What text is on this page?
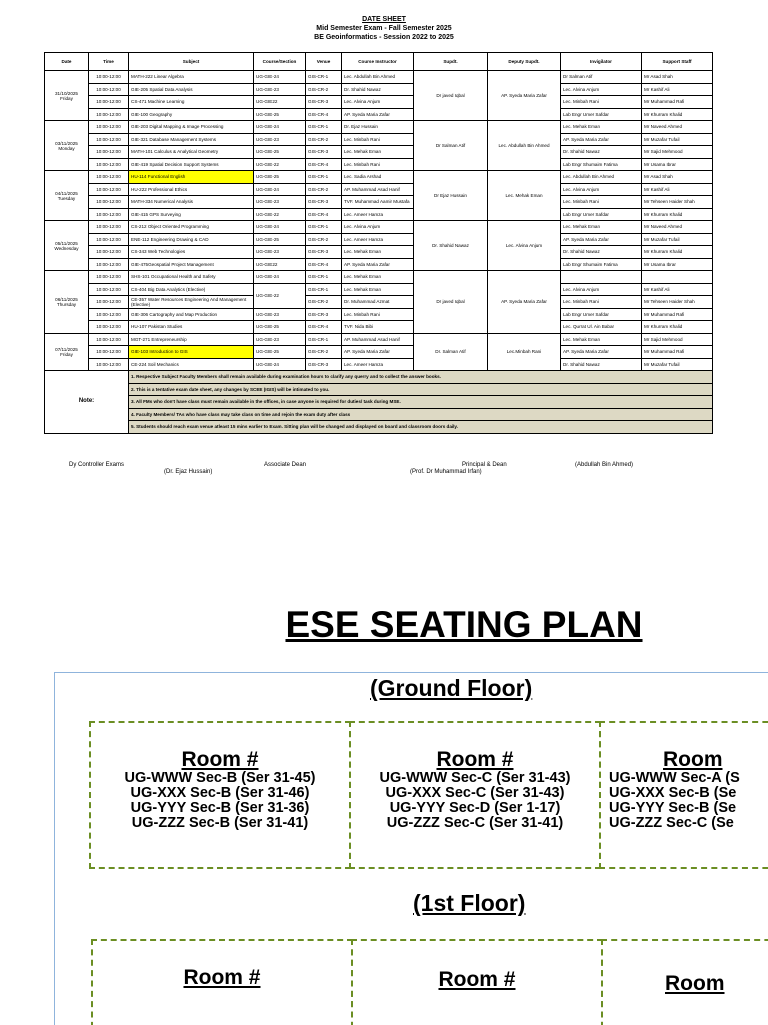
DATE SHEET
Mid Semester Exam - Fall Semester 2025
BE Geoinformatics - Session 2022 to 2025
Date	Time	Subject	Course/Section	Venue	Course Instructor	Supdt.	Deputy Supdt.	Invigilator	Support Staff
31/10/2025
Friday	10:00-12:00	MATH-222 Linear Algebra	UG-GIE-24	GIS-CR-1	Lec. Abdullah Bin Ahmed	Dr javed Iqbal	AP. Syeda Maria Zafar	Dr Salman Atif	Mr Asad Shah
	10:00-12:00	GIE-205 Spatial Data Analysis	UG-GIE-23	GIS-CR-2	Dr. Shahid Nawaz			Lec. Alvina Anjum	Mr Kashif Ali
	10:00-12:00	CS-471 Machine Learning	UG-GIE22	GIS-CR-3	Lec. Alvina Anjum			Lec. Minbah Rani	Mr Muhammad Rafi
	10:00-12:00	GIE-100 Geography	UG-GIE-25	GIS-CR-4	AP. Syeda Maria Zafar			Lab Engr Umer Safdar	Mr Khurram Khalid
03/11/2025
Monday	10:00-12:00	GIE-203 Digital Mapping & Image Processing	UG-GIE-24	GIS-CR-1	Dr. Ejaz Hussain	Dr Salman Atif	Lec. Abdullah Bin Ahmed	Lec. Mehak Eman	Mr Naveed Ahmed
	10:00-12:00	GIE-321 Database Management Systems	UG-GIE-23	GIS-CR-2	Lec. Minbah Rani			AP. Syeda Maria Zafar	Mr Muzafar Tufail
	10:00-12:00	MATH-101 Calculus & Analytical Geometry	UG-GIE-25	GIS-CR-3	Lec. Mehak Eman			Dr. Shahid Nawaz	Mr Sajid Mehmood
	10:00-12:00	GIE-419 Spatial Decision Support Systems	UG-GIE-22	GIS-CR-4	Lec. Minbah Rani			Lab Engr Shumaim Fatima	Mr Usama Ibrar
04/11/2025
Tuesday	10:00-12:00	HU-114 Functional English	UG-GIE-25	GIS-CR-1	Lec. Sadia Arshad	Dr Ejaz Hussain	Lec. Mehak Eman	Lec. Abdullah Bin Ahmed	Mr Asad Shah
	10:00-12:00	HU-222 Professional Ethics	UG-GIE-24	GIS-CR-2	AP. Muhammad Asad Hanif			Lec. Alvina Anjum	Mr Kashif Ali
	10:00-12:00	MATH-334 Numerical Analysis	UG-GIE-23	GIS-CR-3	TVF. Muhammad Aamir Mustafa			Lec. Minbah Rani	Mr Tehseen Haider Shah
	10:00-12:00	GIE-415 GPS Surveying	UG-GIE-22	GIS-CR-4	Lec. Ameer Hamza			Lab Engr Umer Safdar	Mr Khurram Khalid
05/11/2025
Wednesday	10:00-12:00	CS-212 Object Oriented Programming	UG-GIE-24	GIS-CR-1	Lec. Alvina Anjum	Dr. Shahid Nawaz	Lec. Alvina Anjum	Lec. Mehak Eman	Mr Naveed Ahmed
	10:00-12:00	ENE-112 Engineering Drawing & CAD	UG-GIE-25	GIS-CR-2	Lec. Ameer Hamza			AP. Syeda Maria Zafar	Mr Muzafar Tufail
	10:00-12:00	CS-343 Web Technologies	UG-GIE-23	GIS-CR-3	Lec. Mehak Eman			Dr. Shahid Nawaz	Mr Khurram Khalid
	10:00-12:00	GIE-475Geospatial Project Management	UG-GIE22	GIS-CR-4	AP. Syeda Maria Zafar			Lab Engr Shumaim Fatima	Mr Usama Ibrar
06/11/2025
Thursday	10:00-12:00	SHS-101 Occupational Health and Safety	UG-GIE-24	GIS-CR-1	Lec. Mehak Eman	Dr javed Iqbal	AP. Syeda Maria Zafar		
	10:00-12:00	CS-404 Big Data Analytics (Elective)	UG-GIE-22	GIS-CR-1	Lec. Mehak Eman			Lec. Alvina Anjum	Mr Kashif Ali
	10:00-12:00	CE-357 Water Resources Engineering And Management (Elective)		GIS-CR-2	Dr. Muhammad Azmat			Lec. Minbah Rani	Mr Tehseen Haider Shah
	10:00-12:00	GIE-306 Cartography and Map Production	UG-GIE-23	GIS-CR-3	Lec. Minbah Rani			Lab Engr Umer Safdar	Mr Muhammad Rafi
	10:00-12:00	HU-107 Pakistan Studies	UG-GIE-25	GIS-CR-4	TVF. Nida Bibi			Lec. Qurrat Ul. Ain Babar	Mr Khurram Khalid
07/11/2025
Friday	10:00-12:00	MGT-271 Entrepreneurship	UG-GIE-23	GIS-CR-1	AP. Muhammad Asad Hanif	Dr. Salman Atif	Lec.Minbah Rani	Lec. Mehak Eman	Mr Sajid Mehmood
	10:00-12:00	GIE-103 Introduction to GIS	UG-GIE-25	GIS-CR-2	AP. Syeda Maria Zafar			AP. Syeda Maria Zafar	Mr Muhammad Rafi
	10:00-12:00	CE-224 Soil Mechanics	UG-GIE-24	GIS-CR-3	Lec. Ameer Hamza			Dr. Shahid Nawaz	Mr Muzafar Tufail
Note:		1. Respective Subject Faculty Members shall remain available during examination hours to clarify any querry and to collect the answer books.							
		2. This is a tentative exam date sheet, any changes by SCEE (IGIS) will be intimated to you.							
		3. All FMs who don't have class must remain available in the offices, in case anyone is required for duties/ task during MSE.							
		4. Faculty Members/ TAs who have class may take class on time and rejoin the exam duty after class							
		5. Students should reach exam venue atleast 15 mins earlier to Exam. Sitting plan will be changed and displayed on board and classroom doors daily.							
Dy Controller Exams
(Dr. Ejaz Hussain)
Associate Dean	Principal & Dean
(Prof. Dr Muhammad Irfan)
(Abdullah Bin Ahmed)
ESE SEATING PLAN
(Ground Floor)
Room #
UG-WWW Sec-B (Ser 31-45)
UG-XXX Sec-B (Ser 31-46)
UG-YYY Sec-B (Ser 31-36)
UG-ZZZ Sec-B (Ser 31-41)
Room #
UG-WWW Sec-C (Ser 31-43)
UG-XXX Sec-C (Ser 31-43)
UG-YYY Sec-D (Ser 1-17)
UG-ZZZ Sec-C (Ser 31-41)
Room
UG-WWW Sec-A (S
UG-XXX Sec-B (Se
UG-YYY Sec-B (Se
UG-ZZZ Sec-C (Se
(1st Floor)
Room #	Room #	Room
